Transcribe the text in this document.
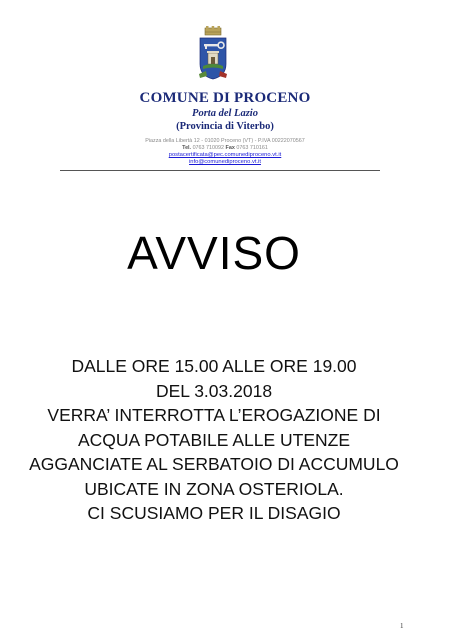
COMUNE DI PROCENO
Porta del Lazio
(Provincia di Viterbo)
Piazza della Libertà 12 - 01020 Proceno (VT) - P.IVA 00222070567
Tel. 0763 710092 Fax 0763 710161
postacertificata@pec.comunediproceno.vt.it
info@comunediproceno.vt.it
AVVISO
DALLE ORE 15.00 ALLE ORE 19.00
DEL 3.03.2018
VERRA’ INTERROTTA L’EROGAZIONE DI
ACQUA POTABILE ALLE UTENZE
AGGANCIATE AL SERBATOIO DI ACCUMULO
UBICATE IN ZONA OSTERIOLA.
CI SCUSIAMO PER IL DISAGIO
1
